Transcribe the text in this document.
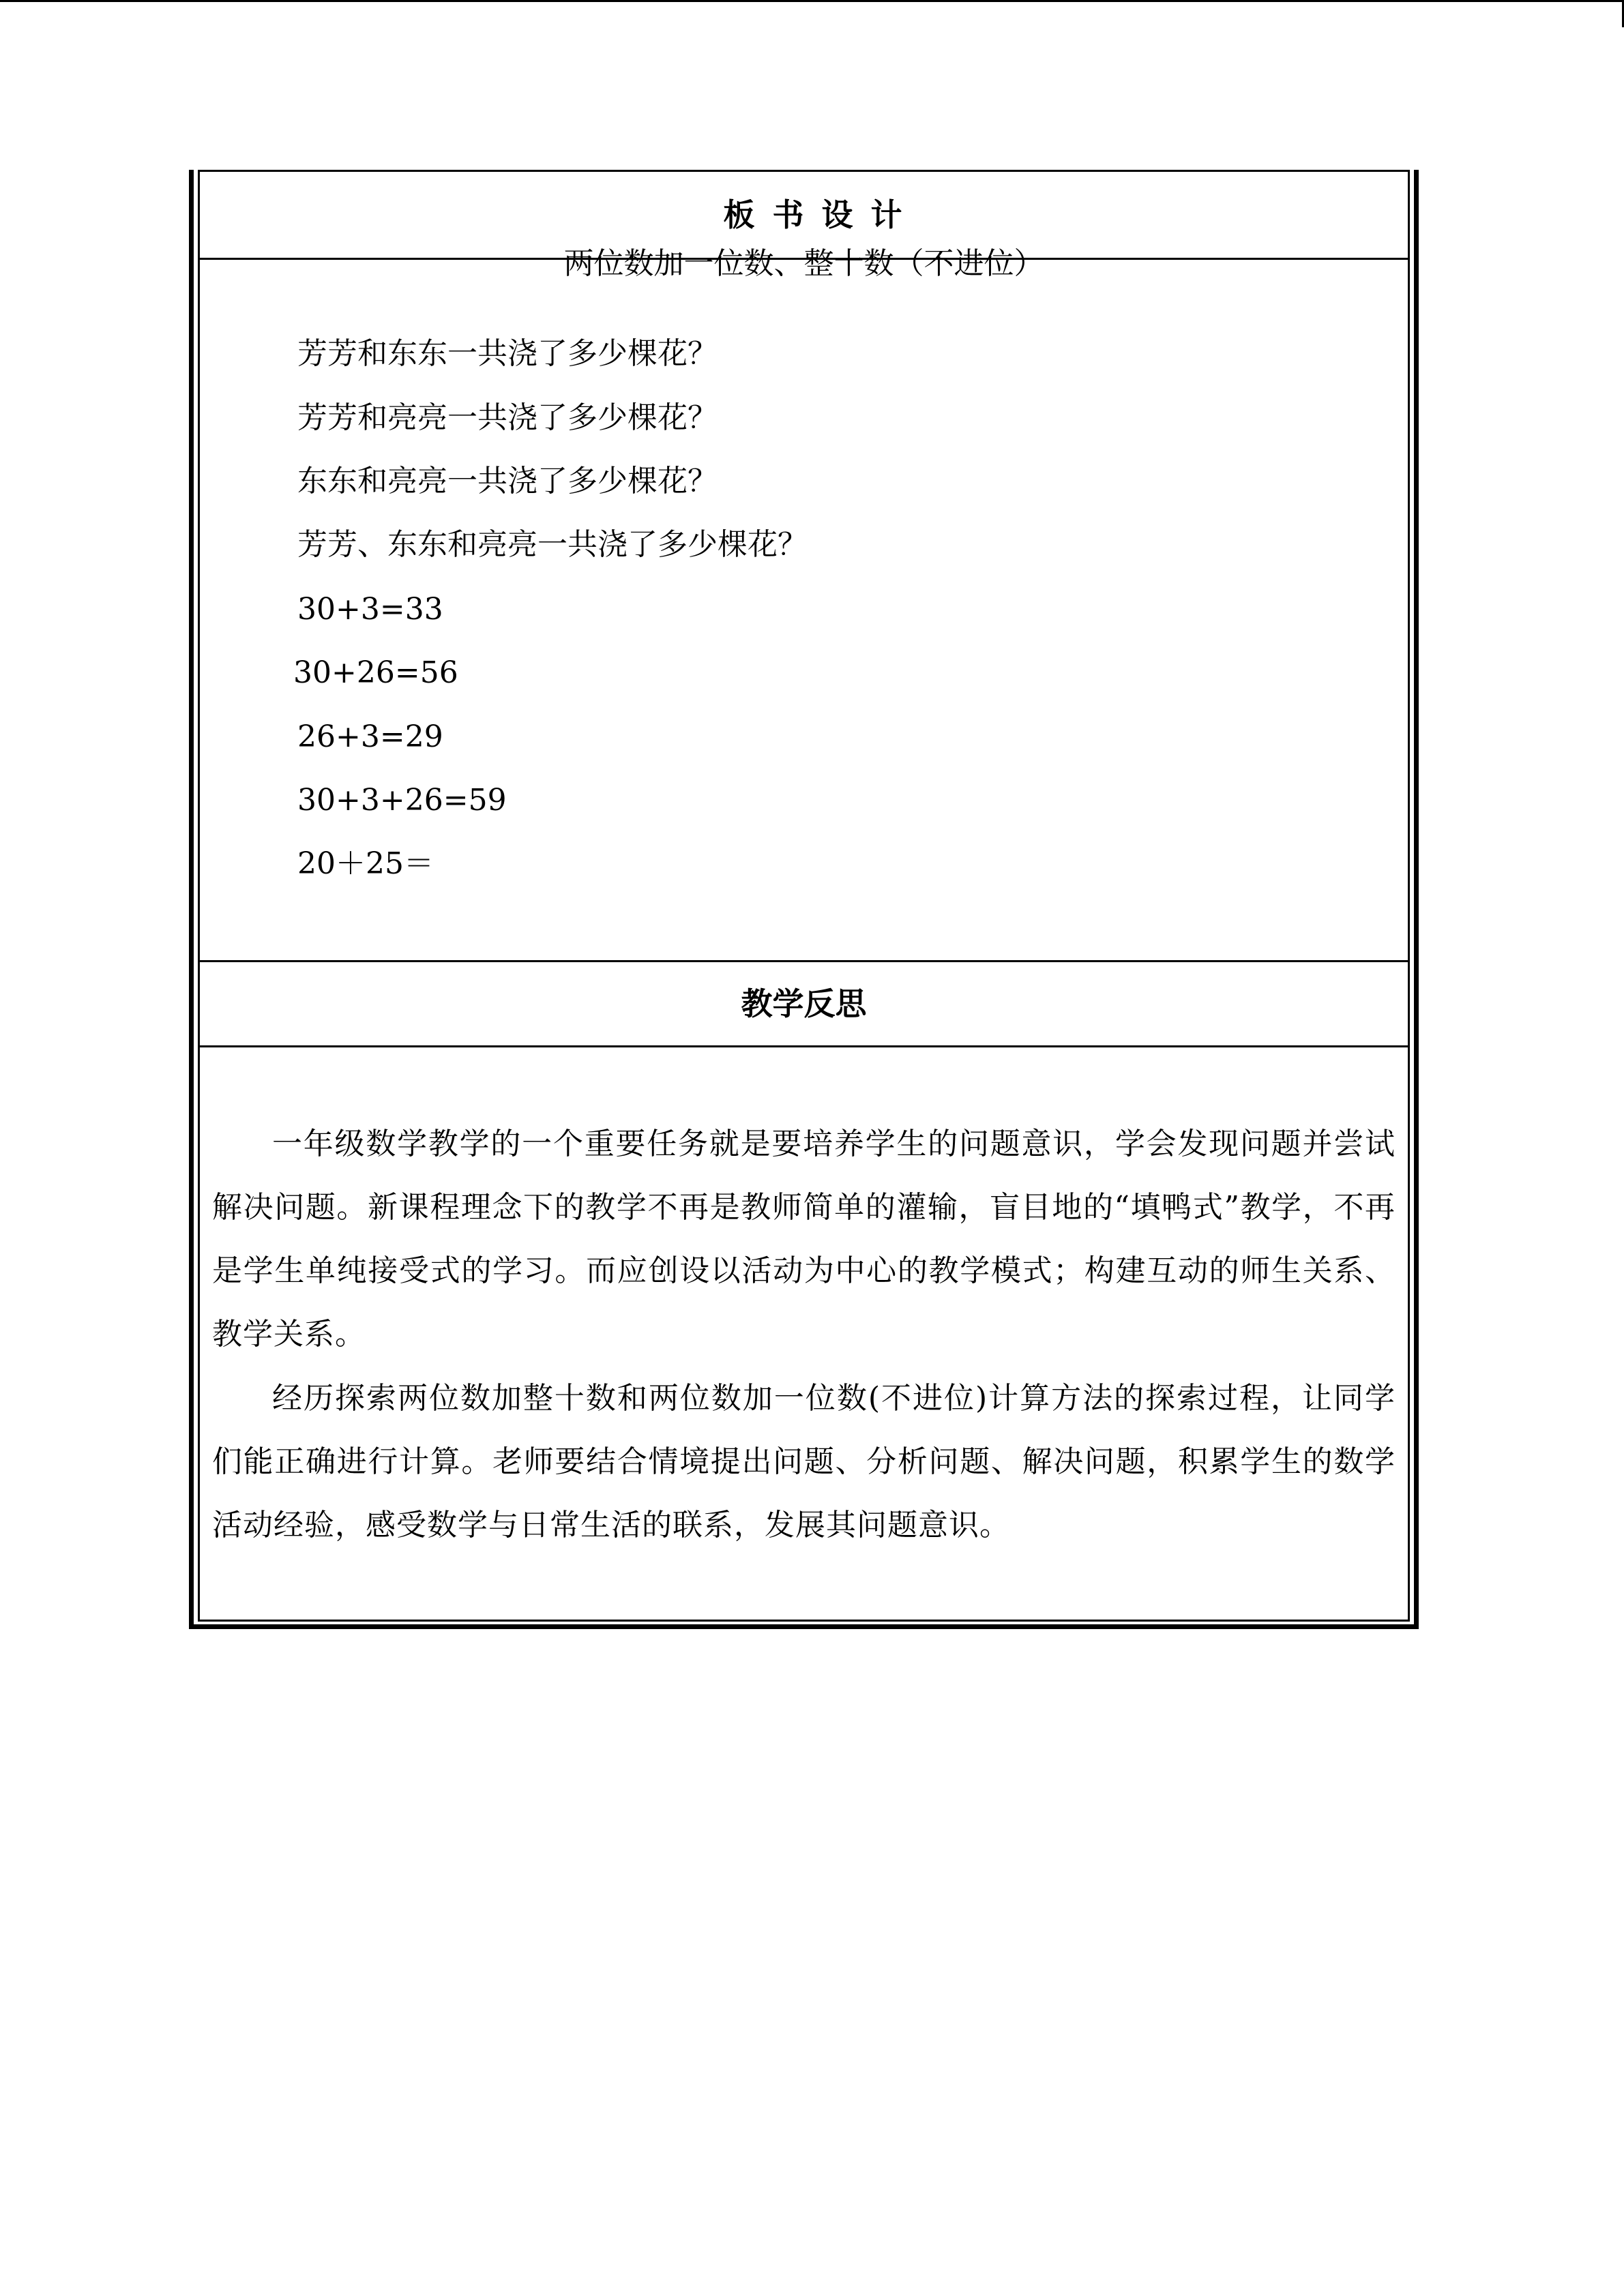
板书设计
两位数加一位数、整十数（不进位）
芳芳和东东一共浇了多少棵花？
芳芳和亮亮一共浇了多少棵花？
东东和亮亮一共浇了多少棵花？
芳芳、东东和亮亮一共浇了多少棵花？
30+3=33
30+26=56
26+3=29
30+3+26=59
20＋25＝
教学反思
一年级数学教学的一个重要任务就是要培养学生的问题意识，学会发现问题并尝试解决问题。新课程理念下的教学不再是教师简单的灌输，盲目地的“填鸭式”教学，不再是学生单纯接受式的学习。而应创设以活动为中心的教学模式；构建互动的师生关系、教学关系。
经历探索两位数加整十数和两位数加一位数(不进位)计算方法的探索过程，让同学们能正确进行计算。老师要结合情境提出问题、分析问题、解决问题，积累学生的数学活动经验，感受数学与日常生活的联系，发展其问题意识。
